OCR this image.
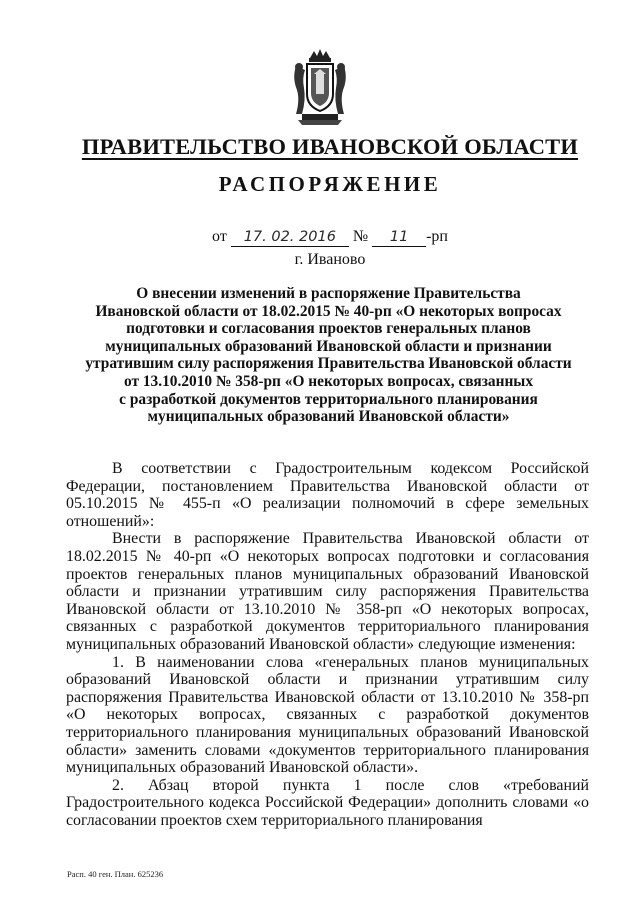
ПРАВИТЕЛЬСТВО ИВАНОВСКОЙ ОБЛАСТИ
РАСПОРЯЖЕНИЕ
от 17. 02. 2016 № 11 -рп
г. Иваново
О внесении изменений в распоряжение Правительства
Ивановской области от 18.02.2015 № 40-рп «О некоторых вопросах
подготовки и согласования проектов генеральных планов
муниципальных образований Ивановской области и признании
утратившим силу распоряжения Правительства Ивановской области
от 13.10.2010 № 358-рп «О некоторых вопросах, связанных
с разработкой документов территориального планирования
муниципальных образований Ивановской области»

В соответствии с Градостроительным кодексом Российской Федерации, постановлением Правительства Ивановской области от 05.10.2015 № 455-п «О реализации полномочий в сфере земельных отношений»:

Внести в распоряжение Правительства Ивановской области от 18.02.2015 № 40-рп «О некоторых вопросах подготовки и согласования проектов генеральных планов муниципальных образований Ивановской области и признании утратившим силу распоряжения Правительства Ивановской области от 13.10.2010 № 358-рп «О некоторых вопросах, связанных с разработкой документов территориального планирования муниципальных образований Ивановской области» следующие изменения:

1. В наименовании слова «генеральных планов муниципальных образований Ивановской области и признании утратившим силу распоряжения Правительства Ивановской области от 13.10.2010 № 358-рп «О некоторых вопросах, связанных с разработкой документов территориального планирования муниципальных образований Ивановской области» заменить словами «документов территориального планирования муниципальных образований Ивановской области».

2. Абзац второй пункта 1 после слов «требований Градостроительного кодекса Российской Федерации» дополнить словами «о согласовании проектов схем территориального планирования

Расп. 40 ген. План. 625236
